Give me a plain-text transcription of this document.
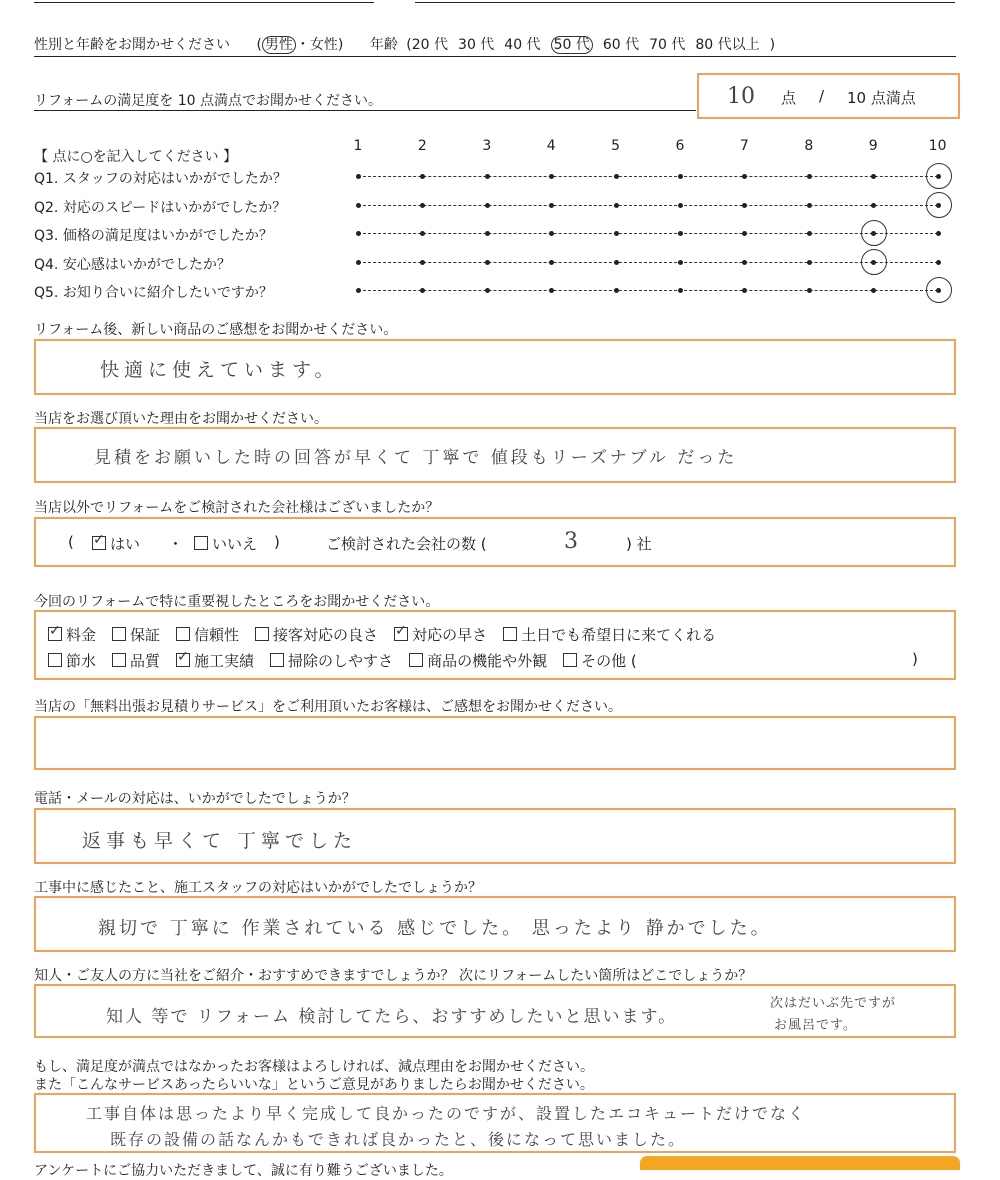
性別と年齢をお聞かせください ( 男性 ・女性) 年齢 (20 代 30 代 40 代 50 代 60 代 70 代 80 代以上 )
リフォームの満足度を 10 点満点でお聞かせください。	10 点 / 10 点満点
【 点に○を記入してください 】
1	2	3	4	5	6	7	8	9	10
Q1. スタッフの対応はいかがでしたか？
Q2. 対応のスピードはいかがでしたか？
Q3. 価格の満足度はいかがでしたか？
Q4. 安心感はいかがでしたか？
Q5. お知り合いに紹介したいですか？
リフォーム後、新しい商品のご感想をお聞かせください。
快適に使えています。
当店をお選び頂いた理由をお聞かせください。
見積をお願いした時の回答が早くて 丁寧で 値段もリーズナブル だった
当店以外でリフォームをご検討された会社様はございましたか？
( ✓	はい ・	いいえ )	ご検討された会社の数 (	3	) 社
今回のリフォームで特に重要視したところをお聞かせください。
✓料金 保証 信頼性 接客対応の良さ ✓ 対応の早さ 土日でも希望日に来てくれる
節水 品質 ✓ 施工実績 掃除のしやすさ 商品の機能や外観 その他 (	)
当店の「無料出張お見積りサービス」をご利用頂いたお客様は、ご感想をお聞かせください。
電話・メールの対応は、いかがでしたでしょうか？
返事も早くて 丁寧でした
工事中に感じたこと、施工スタッフの対応はいかがでしたでしょうか？
親切で 丁寧に 作業されている 感じでした。 思ったより 静かでした。
知人・ご友人の方に当社をご紹介・おすすめできますでしょうか？ 次にリフォームしたい箇所はどこでしょうか？
知人 等で リフォーム 検討してたら、おすすめしたいと思います。
次はだいぶ先ですが
お風呂です。
もし、満足度が満点ではなかったお客様はよろしければ、減点理由をお聞かせください。
また「こんなサービスあったらいいな」というご意見がありましたらお聞かせください。
工事自体は思ったより早く完成して良かったのですが、設置したエコキュートだけでなく
既存の設備の話なんかもできれば良かったと、後になって思いました。
アンケートにご協力いただきまして、誠に有り難うございました。
